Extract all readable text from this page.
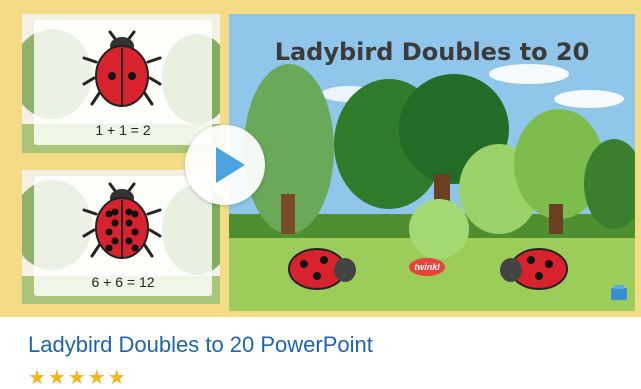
1 + 1 = 2
6 + 6 = 12
Ladybird Doubles to 20
twinkl
Ladybird Doubles to 20 PowerPoint
★★★★★
